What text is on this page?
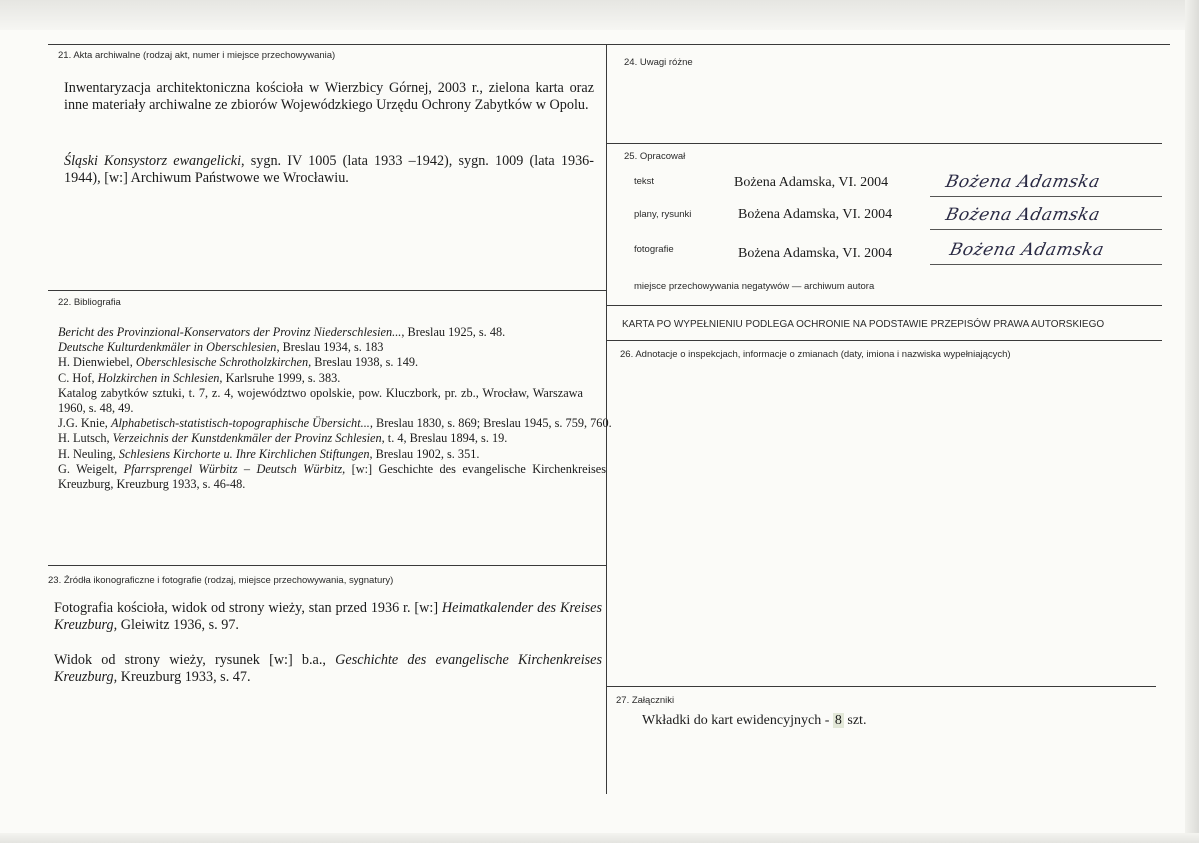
21. Akta archiwalne (rodzaj akt, numer i miejsce przechowywania)
Inwentaryzacja architektoniczna kościoła w Wierzbicy Górnej, 2003 r., zielona karta oraz inne materiały archiwalne ze zbiorów Wojewódzkiego Urzędu Ochrony Zabytków w Opolu.
Śląski Konsystorz ewangelicki, sygn. IV 1005 (lata 1933 –1942), sygn. 1009 (lata 1936-1944), [w:] Archiwum Państwowe we Wrocławiu.
22. Bibliografia
Bericht des Provinzional-Konservators der Provinz Niederschlesien..., Breslau 1925, s. 48.
Deutsche Kulturdenkmäler in Oberschlesien, Breslau 1934, s. 183
H. Dienwiebel, Oberschlesische Schrotholzkirchen, Breslau 1938, s. 149.
C. Hof, Holzkirchen in Schlesien, Karlsruhe 1999, s. 383.
Katalog zabytków sztuki, t. 7, z. 4, województwo opolskie, pow. Kluczbork, pr. zb., Wrocław, Warszawa 1960, s. 48, 49.
J.G. Knie, Alphabetisch-statistisch-topographische Übersicht..., Breslau 1830, s. 869; Breslau 1945, s. 759, 760.
H. Lutsch, Verzeichnis der Kunstdenkmäler der Provinz Schlesien, t. 4, Breslau 1894, s. 19.
H. Neuling, Schlesiens Kirchorte u. Ihre Kirchlichen Stiftungen, Breslau 1902, s. 351.
G. Weigelt, Pfarrsprengel Würbitz – Deutsch Würbitz, [w:] Geschichte des evangelische Kirchenkreises Kreuzburg, Kreuzburg 1933, s. 46-48.
23. Źródła ikonograficzne i fotografie (rodzaj, miejsce przechowywania, sygnatury)
Fotografia kościoła, widok od strony wieży, stan przed 1936 r. [w:] Heimatkalender des Kreises Kreuzburg, Gleiwitz 1936, s. 97.
Widok od strony wieży, rysunek [w:] b.a., Geschichte des evangelische Kirchenkreises Kreuzburg, Kreuzburg 1933, s. 47.
24. Uwagi różne
25. Opracował
tekst	Bożena Adamska, VI. 2004	Bożena Adamska
plany, rysunki	Bożena Adamska, VI. 2004	Bożena Adamska
fotografie	Bożena Adamska, VI. 2004	Bożena Adamska
miejsce przechowywania negatywów — archiwum autora
KARTA PO WYPEŁNIENIU PODLEGA OCHRONIE NA PODSTAWIE PRZEPISÓW PRAWA AUTORSKIEGO
26. Adnotacje o inspekcjach, informacje o zmianach (daty, imiona i nazwiska wypełniających)
27. Załączniki
Wkładki do kart ewidencyjnych - 8 szt.
